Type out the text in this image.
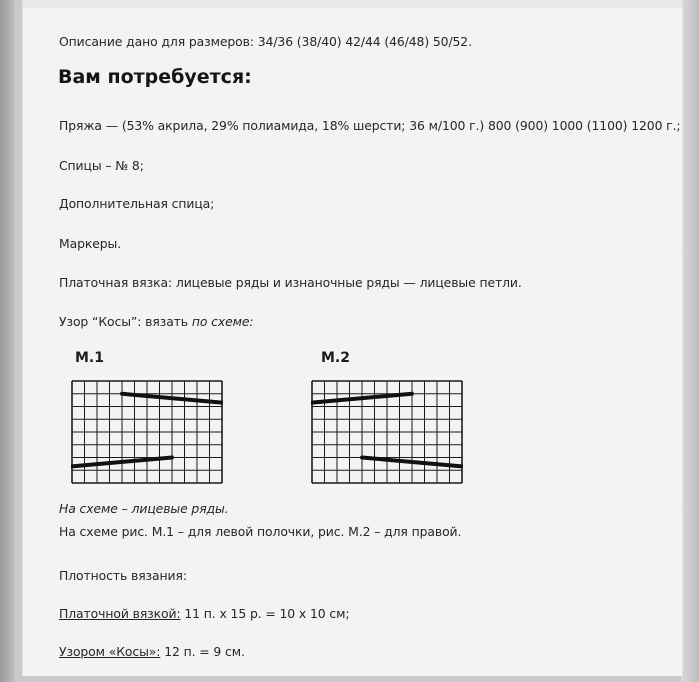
Описание дано для размеров: 34/36 (38/40) 42/44 (46/48) 50/52.
Вам потребуется:
Пряжа — (53% акрила, 29% полиамида, 18% шерсти; 36 м/100 г.) 800 (900) 1000 (1100) 1200 г.;
Спицы – № 8;
Дополнительная спица;
Маркеры.
Платочная вязка: лицевые ряды и изнаночные ряды — лицевые петли.
Узор “Косы”: вязать по схеме:
М.1	М.2
На схеме – лицевые ряды.
На схеме рис. М.1 – для левой полочки, рис. М.2 – для правой.
Плотность вязания:
Платочной вязкой: 11 п. х 15 р. = 10 х 10 см;
Узором «Косы»: 12 п. = 9 см.
